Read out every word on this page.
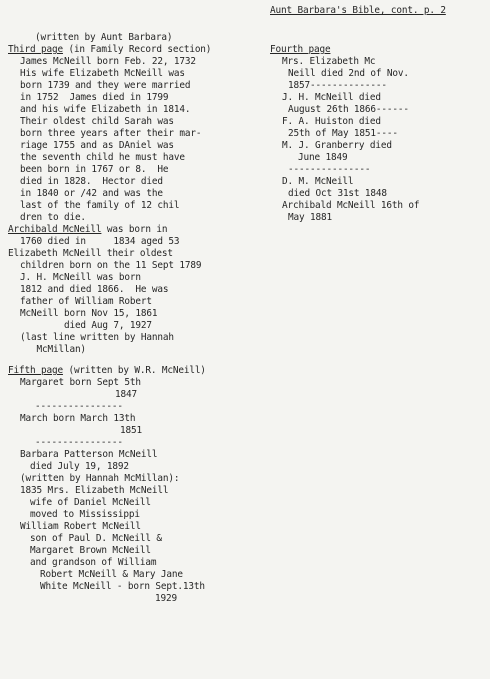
Aunt Barbara's Bible, cont. p. 2
(written by Aunt Barbara)
Third page (in Family Record section)
James McNeill born Feb. 22, 1732
His wife Elizabeth McNeill was
born 1739 and they were married
in 1752  James died in 1799
and his wife Elizabeth in 1814.
Their oldest child Sarah was
born three years after their mar-
riage 1755 and as DAniel was
the seventh child he must have
been born in 1767 or 8.  He
died in 1828.  Hector died
in 1840 or /42 and was the
last of the family of 12 chil
dren to die.
Archibald McNeill was born in
1760 died in     1834 aged 53
Elizabeth McNeill their oldest
children born on the 11 Sept 1789
J. H. McNeill was born
1812 and died 1866.  He was
father of William Robert
McNeill born Nov 15, 1861
died Aug 7, 1927
(last line written by Hannah
McMillan)
Fifth page (written by W.R. McNeill)
Margaret born Sept 5th
1847
----------------
March born March 13th
1851
----------------
Barbara Patterson McNeill
died July 19, 1892
(written by Hannah McMillan):
1835 Mrs. Elizabeth McNeill
wife of Daniel McNeill
moved to Mississippi
William Robert McNeill
son of Paul D. McNeill &
Margaret Brown McNeill
and grandson of William
Robert McNeill & Mary Jane
White McNeill - born Sept.13th
1929
Fourth page
Mrs. Elizabeth Mc
Neill died 2nd of Nov.
1857--------------
J. H. McNeill died
August 26th 1866------
F. A. Huiston died
25th of May 1851----
M. J. Granberry died
June 1849
---------------
D. M. McNeill
died Oct 31st 1848
Archibald McNeill 16th of
May 1881
